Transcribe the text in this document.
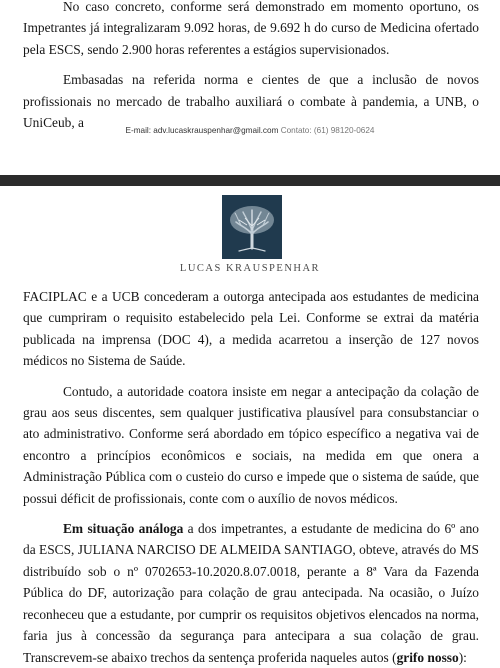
No caso concreto, conforme será demonstrado em momento oportuno, os Impetrantes já integralizaram 9.092 horas, de 9.692 h do curso de Medicina ofertado pela ESCS, sendo 2.900 horas referentes a estágios supervisionados.

Embasadas na referida norma e cientes de que a inclusão de novos profissionais no mercado de trabalho auxiliará o combate à pandemia, a UNB, o UniCeub, a

E-mail: adv.lucaskrauspenhar@gmail.com Contato: (61) 98120-0624
LUCAS KRAUSPENHAR

FACIPLAC e a UCB concederam a outorga antecipada aos estudantes de medicina que cumpriram o requisito estabelecido pela Lei. Conforme se extrai da matéria publicada na imprensa (DOC 4), a medida acarretou a inserção de 127 novos médicos no Sistema de Saúde.

Contudo, a autoridade coatora insiste em negar a antecipação da colação de grau aos seus discentes, sem qualquer justificativa plausível para consubstanciar o ato administrativo. Conforme será abordado em tópico específico a negativa vai de encontro a princípios econômicos e sociais, na medida em que onera a Administração Pública com o custeio do curso e impede que o sistema de saúde, que possui déficit de profissionais, conte com o auxílio de novos médicos.

Em situação análoga a dos impetrantes, a estudante de medicina do 6º ano da ESCS, JULIANA NARCISO DE ALMEIDA SANTIAGO, obteve, através do MS distribuído sob o nº 0702653-10.2020.8.07.0018, perante a 8ª Vara da Fazenda Pública do DF, autorização para colação de grau antecipada. Na ocasião, o Juízo reconheceu que a estudante, por cumprir os requisitos objetivos elencados na norma, faria jus à concessão da segurança para antecipara a sua colação de grau. Transcrevem-se abaixo trechos da sentença proferida naqueles autos (grifo nosso):
